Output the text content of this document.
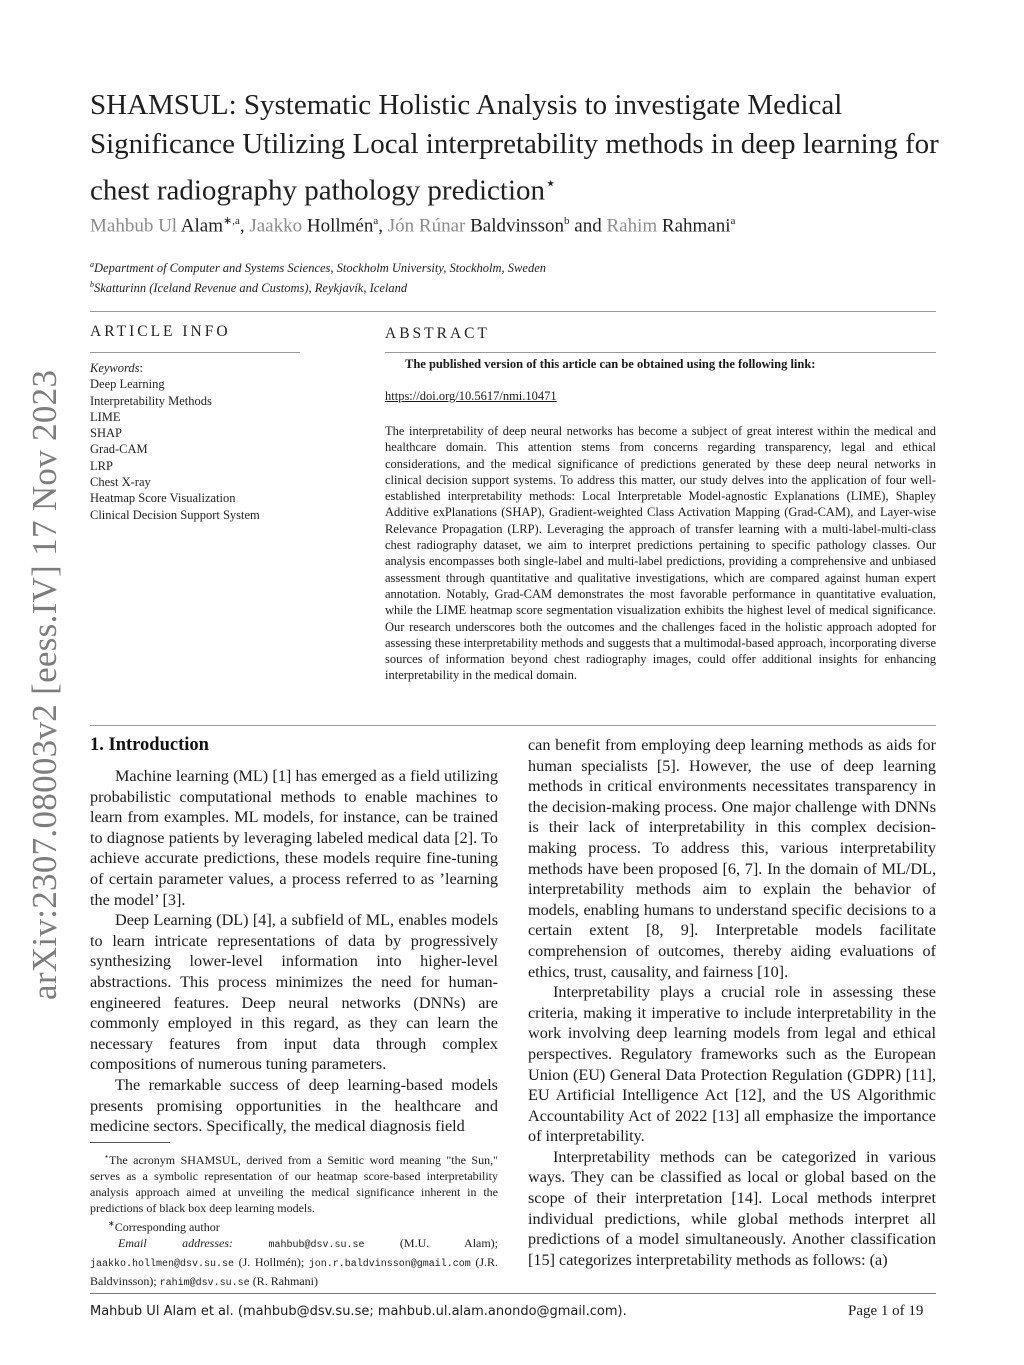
arXiv:2307.08003v2 [eess.IV] 17 Nov 2023
SHAMSUL: Systematic Holistic Analysis to investigate Medical Significance Utilizing Local interpretability methods in deep learning for chest radiography pathology prediction⋆
Mahbub Ul Alam$^{∗,a}$, Jaakko Hollmén$^a$, Jón Rúnar Baldvinsson$^b$ and Rahim Rahmani$^a$
$^a$Department of Computer and Systems Sciences, Stockholm University, Stockholm, Sweden
$^b$Skatturinn (Iceland Revenue and Customs), Reykjavík, Iceland
ARTICLE INFO
Keywords:
Deep Learning
Interpretability Methods
LIME
SHAP
Grad-CAM
LRP
Chest X-ray
Heatmap Score Visualization
Clinical Decision Support System
ABSTRACT
The published version of this article can be obtained using the following link:
https://doi.org/10.5617/nmi.10471
The interpretability of deep neural networks has become a subject of great interest within the medical and healthcare domain. This attention stems from concerns regarding transparency, legal and ethical considerations, and the medical significance of predictions generated by these deep neural networks in clinical decision support systems. To address this matter, our study delves into the application of four well-established interpretability methods: Local Interpretable Model-agnostic Explanations (LIME), Shapley Additive exPlanations (SHAP), Gradient-weighted Class Activation Mapping (Grad-CAM), and Layer-wise Relevance Propagation (LRP). Leveraging the approach of transfer learning with a multi-label-multi-class chest radiography dataset, we aim to interpret predictions pertaining to specific pathology classes. Our analysis encompasses both single-label and multi-label predictions, providing a comprehensive and unbiased assessment through quantitative and qualitative investigations, which are compared against human expert annotation. Notably, Grad-CAM demonstrates the most favorable performance in quantitative evaluation, while the LIME heatmap score segmentation visualization exhibits the highest level of medical significance. Our research underscores both the outcomes and the challenges faced in the holistic approach adopted for assessing these interpretability methods and suggests that a multimodal-based approach, incorporating diverse sources of information beyond chest radiography images, could offer additional insights for enhancing interpretability in the medical domain.
1. Introduction

Machine learning (ML) [1] has emerged as a field utilizing probabilistic computational methods to enable machines to learn from examples. ML models, for instance, can be trained to diagnose patients by leveraging labeled medical data [2]. To achieve accurate predictions, these models require fine-tuning of certain parameter values, a process referred to as ’learning the model’ [3].

Deep Learning (DL) [4], a subfield of ML, enables models to learn intricate representations of data by progressively synthesizing lower-level information into higher-level abstractions. This process minimizes the need for human-engineered features. Deep neural networks (DNNs) are commonly employed in this regard, as they can learn the necessary features from input data through complex compositions of numerous tuning parameters.

The remarkable success of deep learning-based models presents promising opportunities in the healthcare and medicine sectors. Specifically, the medical diagnosis field

⋆The acronym SHAMSUL, derived from a Semitic word meaning "the Sun," serves as a symbolic representation of our heatmap score-based interpretability analysis approach aimed at unveiling the medical significance inherent in the predictions of black box deep learning models.

∗Corresponding author

Email addresses:	mahbub@dsv.su.se (M.U. Alam); jaakko.hollmen@dsv.su.se (J. Hollmén); jon.r.baldvinsson@gmail.com (J.R. Baldvinsson); rahim@dsv.su.se (R. Rahmani)

can benefit from employing deep learning methods as aids for human specialists [5]. However, the use of deep learning methods in critical environments necessitates transparency in the decision-making process. One major challenge with DNNs is their lack of interpretability in this complex decision-making process. To address this, various interpretability methods have been proposed [6, 7]. In the domain of ML/DL, interpretability methods aim to explain the behavior of models, enabling humans to understand specific decisions to a certain extent [8, 9]. Interpretable models facilitate comprehension of outcomes, thereby aiding evaluations of ethics, trust, causality, and fairness [10].

Interpretability plays a crucial role in assessing these criteria, making it imperative to include interpretability in the work involving deep learning models from legal and ethical perspectives. Regulatory frameworks such as the European Union (EU) General Data Protection Regulation (GDPR) [11], EU Artificial Intelligence Act [12], and the US Algorithmic Accountability Act of 2022 [13] all emphasize the importance of interpretability.

Interpretability methods can be categorized in various ways. They can be classified as local or global based on the scope of their interpretation [14]. Local methods interpret individual predictions, while global methods interpret all predictions of a model simultaneously. Another classification [15] categorizes interpretability methods as follows: (a)

Mahbub Ul Alam et al. (mahbub@dsv.su.se; mahbub.ul.alam.anondo@gmail.com).	Page 1 of 19
